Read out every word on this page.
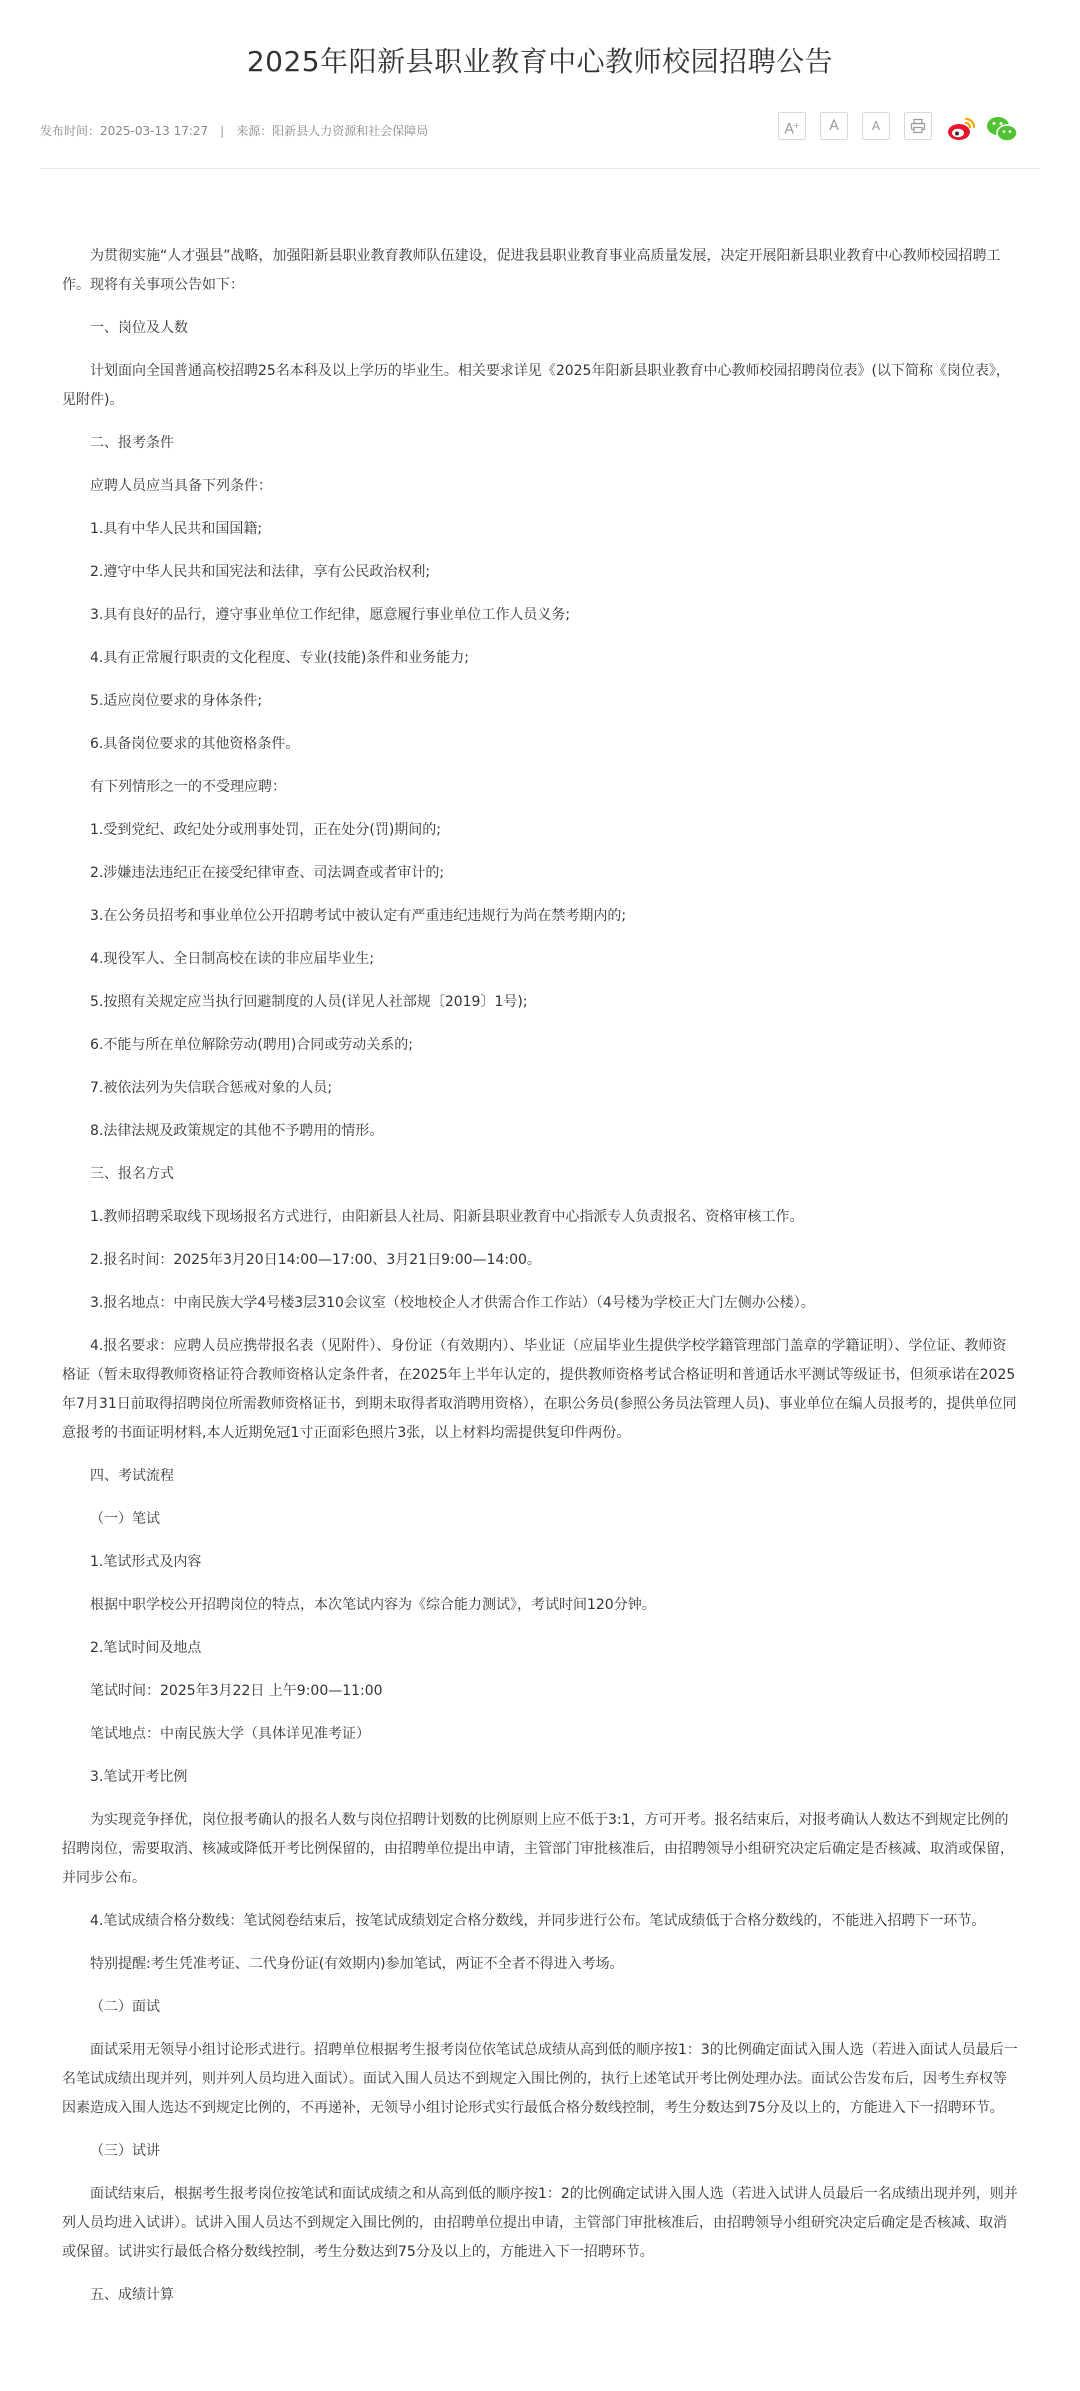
2025年阳新县职业教育中心教师校园招聘公告
发布时间：2025-03-13 17:27 | 来源：阳新县人力资源和社会保障局	A+	A	A

为贯彻实施“人才强县”战略，加强阳新县职业教育教师队伍建设，促进我县职业教育事业高质量发展，决定开展阳新县职业教育中心教师校园招聘工作。现将有关事项公告如下：

一、岗位及人数

计划面向全国普通高校招聘25名本科及以上学历的毕业生。相关要求详见《2025年阳新县职业教育中心教师校园招聘岗位表》(以下简称《岗位表》，见附件)。

二、报考条件

应聘人员应当具备下列条件：

1.具有中华人民共和国国籍;

2.遵守中华人民共和国宪法和法律，享有公民政治权利;

3.具有良好的品行，遵守事业单位工作纪律，愿意履行事业单位工作人员义务;

4.具有正常履行职责的文化程度、专业(技能)条件和业务能力;

5.适应岗位要求的身体条件;

6.具备岗位要求的其他资格条件。

有下列情形之一的不受理应聘：

1.受到党纪、政纪处分或刑事处罚，正在处分(罚)期间的;

2.涉嫌违法违纪正在接受纪律审查、司法调查或者审计的;

3.在公务员招考和事业单位公开招聘考试中被认定有严重违纪违规行为尚在禁考期内的;

4.现役军人、全日制高校在读的非应届毕业生;

5.按照有关规定应当执行回避制度的人员(详见人社部规〔2019〕1号);

6.不能与所在单位解除劳动(聘用)合同或劳动关系的;

7.被依法列为失信联合惩戒对象的人员;

8.法律法规及政策规定的其他不予聘用的情形。

三、报名方式

1.教师招聘采取线下现场报名方式进行，由阳新县人社局、阳新县职业教育中心指派专人负责报名、资格审核工作。

2.报名时间：2025年3月20日14:00—17:00、3月21日9:00—14:00。

3.报名地点：中南民族大学4号楼3层310会议室（校地校企人才供需合作工作站）（4号楼为学校正大门左侧办公楼）。

4.报名要求：应聘人员应携带报名表（见附件）、身份证（有效期内）、毕业证（应届毕业生提供学校学籍管理部门盖章的学籍证明）、学位证、教师资格证（暂未取得教师资格证符合教师资格认定条件者，在2025年上半年认定的，提供教师资格考试合格证明和普通话水平测试等级证书，但须承诺在2025年7月31日前取得招聘岗位所需教师资格证书，到期未取得者取消聘用资格），在职公务员(参照公务员法管理人员)、事业单位在编人员报考的，提供单位同意报考的书面证明材料,本人近期免冠1寸正面彩色照片3张，以上材料均需提供复印件两份。

四、考试流程

（一）笔试

1.笔试形式及内容

根据中职学校公开招聘岗位的特点，本次笔试内容为《综合能力测试》，考试时间120分钟。

2.笔试时间及地点

笔试时间：2025年3月22日 上午9:00—11:00

笔试地点：中南民族大学（具体详见准考证）

3.笔试开考比例

为实现竞争择优，岗位报考确认的报名人数与岗位招聘计划数的比例原则上应不低于3:1，方可开考。报名结束后，对报考确认人数达不到规定比例的招聘岗位，需要取消、核减或降低开考比例保留的，由招聘单位提出申请，主管部门审批核准后，由招聘领导小组研究决定后确定是否核减、取消或保留，并同步公布。

4.笔试成绩合格分数线：笔试阅卷结束后，按笔试成绩划定合格分数线，并同步进行公布。笔试成绩低于合格分数线的，不能进入招聘下一环节。

特别提醒:考生凭准考证、二代身份证(有效期内)参加笔试，两证不全者不得进入考场。

（二）面试

面试采用无领导小组讨论形式进行。招聘单位根据考生报考岗位依笔试总成绩从高到低的顺序按1：3的比例确定面试入围人选（若进入面试人员最后一名笔试成绩出现并列，则并列人员均进入面试）。面试入围人员达不到规定入围比例的，执行上述笔试开考比例处理办法。面试公告发布后，因考生弃权等因素造成入围人选达不到规定比例的，不再递补，无领导小组讨论形式实行最低合格分数线控制，考生分数达到75分及以上的，方能进入下一招聘环节。

（三）试讲

面试结束后，根据考生报考岗位按笔试和面试成绩之和从高到低的顺序按1：2的比例确定试讲入围人选（若进入试讲人员最后一名成绩出现并列，则并列人员均进入试讲）。试讲入围人员达不到规定入围比例的，由招聘单位提出申请，主管部门审批核准后，由招聘领导小组研究决定后确定是否核减、取消或保留。试讲实行最低合格分数线控制，考生分数达到75分及以上的，方能进入下一招聘环节。

五、成绩计算
